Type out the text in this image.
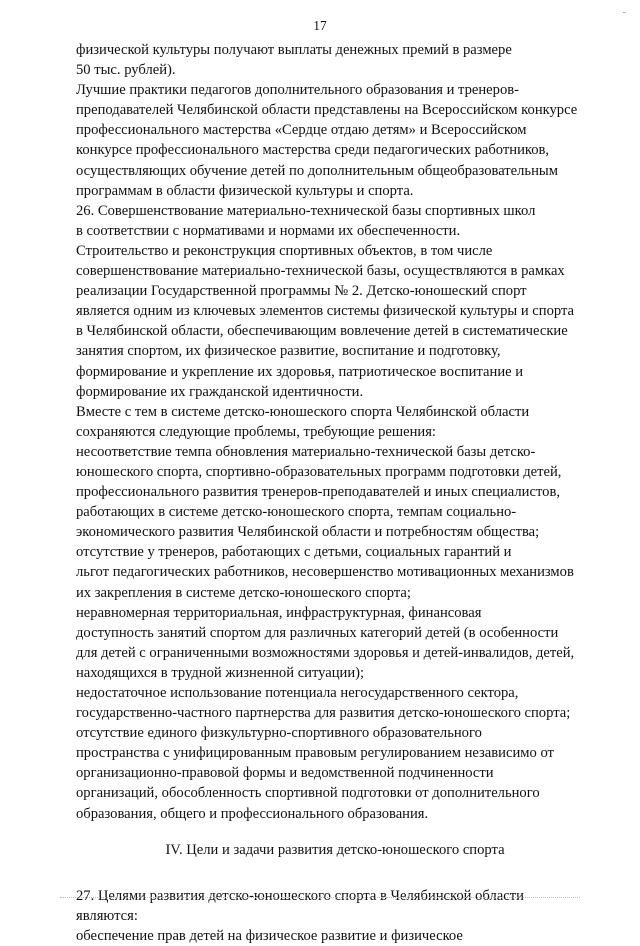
-
17

физической культуры получают выплаты денежных премий в размере
50 тыс. рублей).

Лучшие практики педагогов дополнительного образования и тренеров-
преподавателей Челябинской области представлены на Всероссийском конкурсе
профессионального мастерства «Сердце отдаю детям» и Всероссийском
конкурсе профессионального мастерства среди педагогических работников,
осуществляющих обучение детей по дополнительным общеобразовательным
программам в области физической культуры и спорта.

26. Совершенствование материально-технической базы спортивных школ
в соответствии с нормативами и нормами их обеспеченности.

Строительство и реконструкция спортивных объектов, в том числе
совершенствование материально-технической базы, осуществляются в рамках
реализации Государственной программы № 2. Детско-юношеский спорт
является одним из ключевых элементов системы физической культуры и спорта
в Челябинской области, обеспечивающим вовлечение детей в систематические
занятия спортом, их физическое развитие, воспитание и подготовку,
формирование и укрепление их здоровья, патриотическое воспитание и
формирование их гражданской идентичности.

Вместе с тем в системе детско-юношеского спорта Челябинской области
сохраняются следующие проблемы, требующие решения:

несоответствие темпа обновления материально-технической базы детско-
юношеского спорта, спортивно-образовательных программ подготовки детей,
профессионального развития тренеров-преподавателей и иных специалистов,
работающих в системе детско-юношеского спорта, темпам социально-
экономического развития Челябинской области и потребностям общества;

отсутствие у тренеров, работающих с детьми, социальных гарантий и
льгот педагогических работников, несовершенство мотивационных механизмов
их закрепления в системе детско-юношеского спорта;

неравномерная территориальная, инфраструктурная, финансовая
доступность занятий спортом для различных категорий детей (в особенности
для детей с ограниченными возможностями здоровья и детей-инвалидов, детей,
находящихся в трудной жизненной ситуации);

недостаточное использование потенциала негосударственного сектора,
государственно-частного партнерства для развития детско-юношеского спорта;

отсутствие единого физкультурно-спортивного образовательного
пространства с унифицированным правовым регулированием независимо от
организационно-правовой формы и ведомственной подчиненности
организаций, обособленность спортивной подготовки от дополнительного
образования, общего и профессионального образования.

IV. Цели и задачи развития детско-юношеского спорта

27. Целями развития детско-юношеского спорта в Челябинской области
являются:

обеспечение прав детей на физическое развитие и физическое
